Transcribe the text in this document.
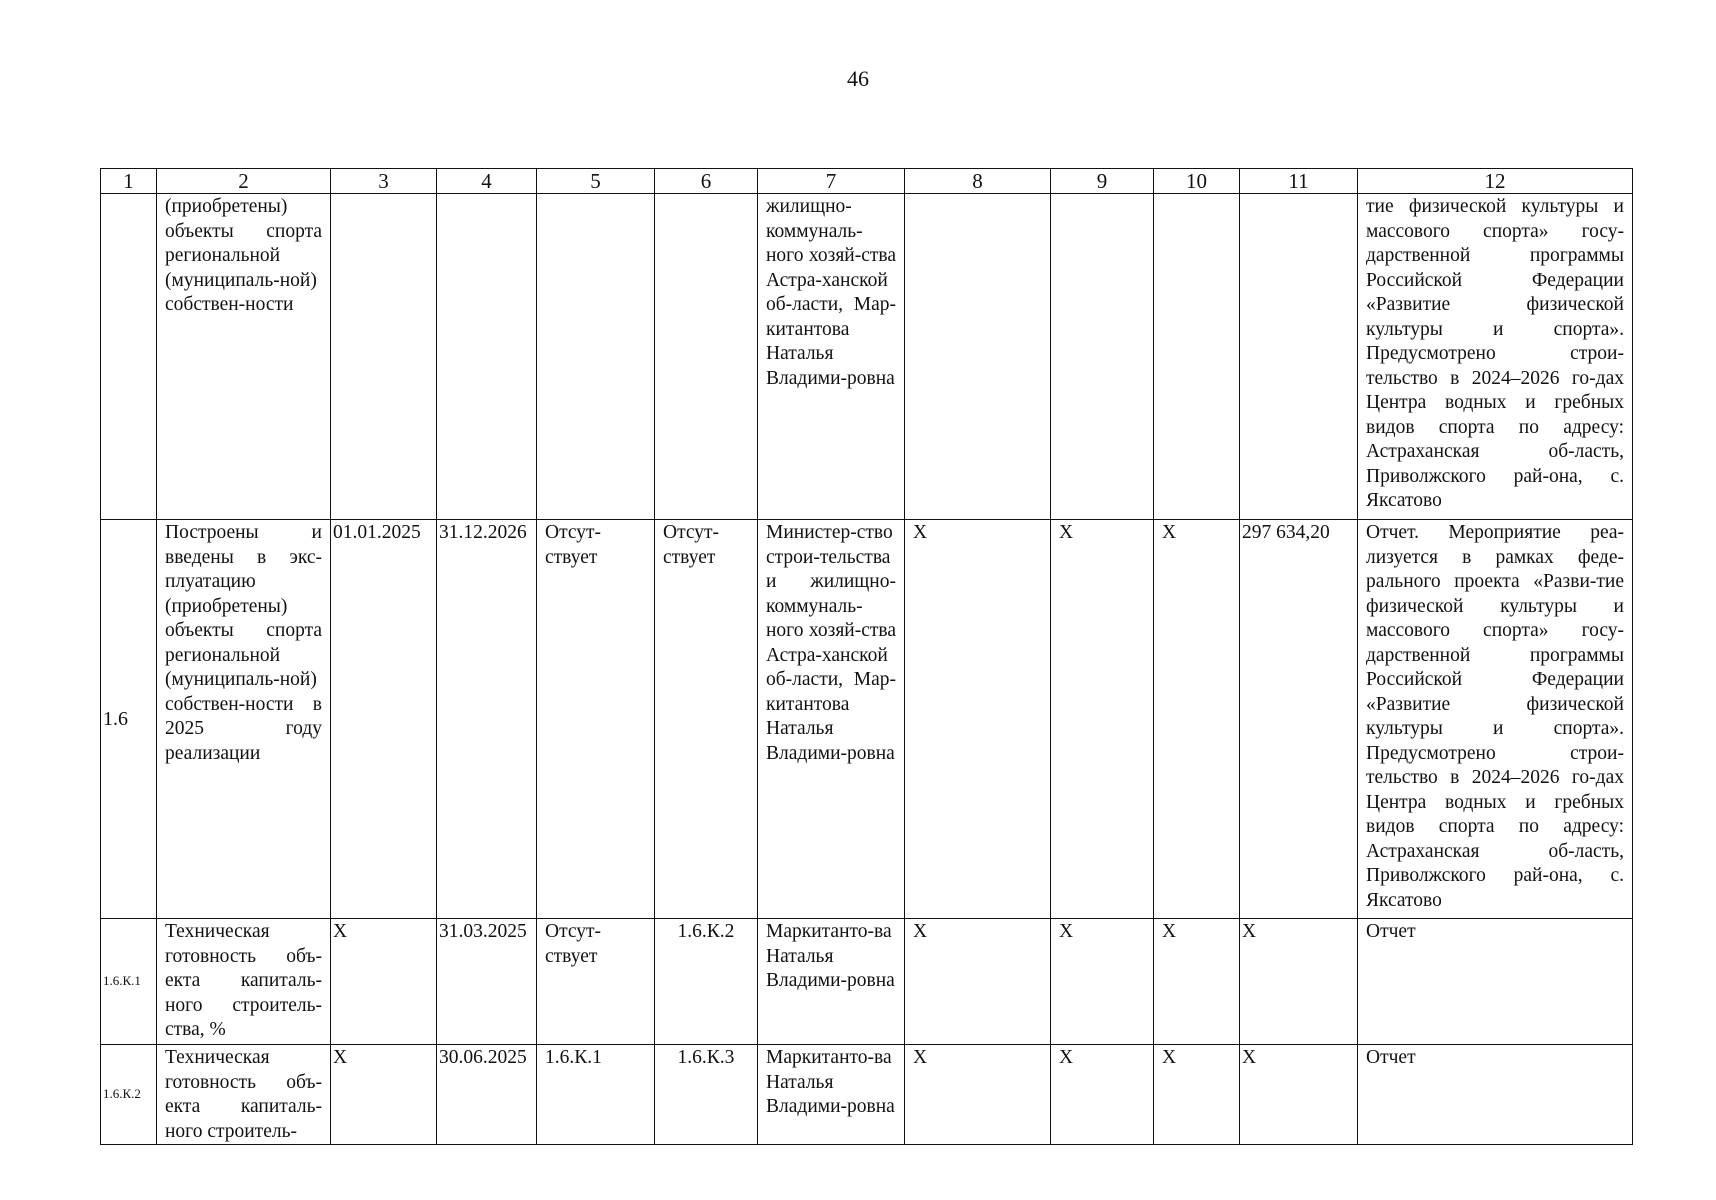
46
1	2	3	4	5	6	7	8	9	10	11	12
	(приобретены) объекты спорта региональной (муниципаль-ной) собствен-ности					жилищно-коммуналь-ного хозяй-ства Астра-ханской об-ласти, Мар-китантова Наталья Владими-ровна					тие физической культуры и массового спорта» госу-дарственной программы Российской Федерации «Развитие физической культуры и спорта». Предусмотрено строи-тельство в 2024–2026 го-дах Центра водных и гребных видов спорта по адресу: Астраханская об-ласть, Приволжского рай-она, с. Яксатово
1.6	Построены и введены в экс-плуатацию (приобретены) объекты спорта региональной (муниципаль-ной) собствен-ности в 2025 году реализации	01.01.2025	31.12.2026	Отсут-ствует	Отсут-ствует	Министер-ство строи-тельства и жилищно-коммуналь-ного хозяй-ства Астра-ханской об-ласти, Мар-китантова Наталья Владими-ровна	X	X	X	297 634,20	Отчет. Мероприятие реа-лизуется в рамках феде-рального проекта «Разви-тие физической культуры и массового спорта» госу-дарственной программы Российской Федерации «Развитие физической культуры и спорта». Предусмотрено строи-тельство в 2024–2026 го-дах Центра водных и гребных видов спорта по адресу: Астраханская об-ласть, Приволжского рай-она, с. Яксатово
1.6.К.1	Техническая готовность объ-екта капиталь-ного строитель-ства, %	X	31.03.2025	Отсут-ствует	1.6.К.2	Маркитанто-ва Наталья Владими-ровна	X	X	X	X	Отчет
1.6.К.2	Техническая готовность объ-екта капиталь-ного строитель-	X	30.06.2025	1.6.К.1	1.6.К.3	Маркитанто-ва Наталья Владими-ровна	X	X	X	X	Отчет
